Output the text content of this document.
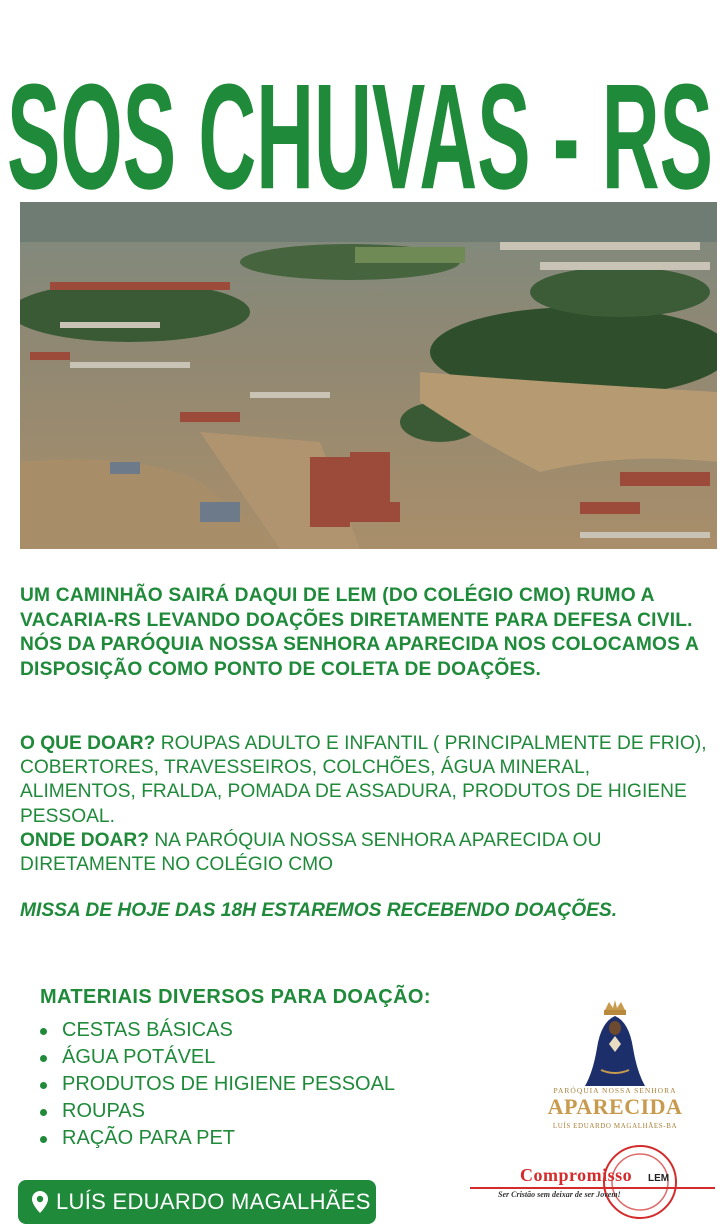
SOS CHUVAS - RS
UM CAMINHÃO SAIRÁ DAQUI DE LEM (DO COLÉGIO CMO) RUMO A VACARIA-RS LEVANDO DOAÇÕES DIRETAMENTE PARA DEFESA CIVIL. NÓS DA PARÓQUIA NOSSA SENHORA APARECIDA NOS COLOCAMOS A DISPOSIÇÃO COMO PONTO DE COLETA DE DOAÇÕES.
O QUE DOAR? ROUPAS ADULTO E INFANTIL ( PRINCIPALMENTE DE FRIO), COBERTORES, TRAVESSEIROS, COLCHÕES, ÁGUA MINERAL, ALIMENTOS, FRALDA, POMADA DE ASSADURA, PRODUTOS DE HIGIENE PESSOAL.
ONDE DOAR? NA PARÓQUIA NOSSA SENHORA APARECIDA OU DIRETAMENTE NO COLÉGIO CMO
MISSA DE HOJE DAS 18H ESTAREMOS RECEBENDO DOAÇÕES.
MATERIAIS DIVERSOS PARA DOAÇÃO:
CESTAS BÁSICAS
ÁGUA POTÁVEL
PRODUTOS DE HIGIENE PESSOAL
ROUPAS
RAÇÃO PARA PET
PARÓQUIA NOSSA SENHORA
APARECIDA
LUÍS EDUARDO MAGALHÃES-BA
Compromisso LEM
Ser Cristão sem deixar de ser Jovem!
LUÍS EDUARDO MAGALHÃES
